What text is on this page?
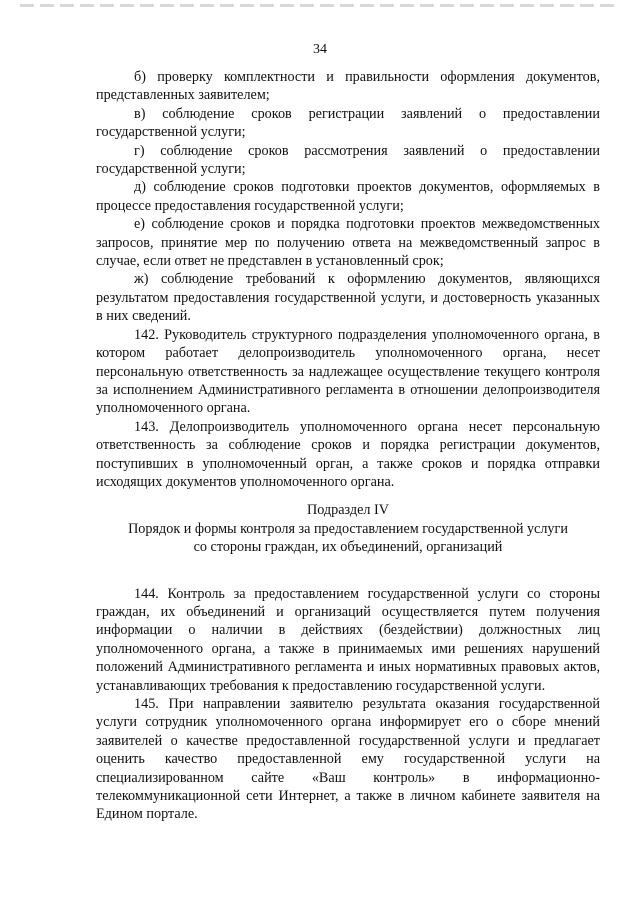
34

б) проверку комплектности и правильности оформления документов, представленных заявителем;

в) соблюдение сроков регистрации заявлений о предоставлении государственной услуги;

г) соблюдение сроков рассмотрения заявлений о предоставлении государственной услуги;

д) соблюдение сроков подготовки проектов документов, оформляемых в процессе предоставления государственной услуги;

е) соблюдение сроков и порядка подготовки проектов межведомственных запросов, принятие мер по получению ответа на межведомственный запрос в случае, если ответ не представлен в установленный срок;

ж) соблюдение требований к оформлению документов, являющихся результатом предоставления государственной услуги, и достоверность указанных в них сведений.

142. Руководитель структурного подразделения уполномоченного органа, в котором работает делопроизводитель уполномоченного органа, несет персональную ответственность за надлежащее осуществление текущего контроля за исполнением Административного регламента в отношении делопроизводителя уполномоченного органа.

143. Делопроизводитель уполномоченного органа несет персональную ответственность за соблюдение сроков и порядка регистрации документов, поступивших в уполномоченный орган, а также сроков и порядка отправки исходящих документов уполномоченного органа.

Подраздел IV

Порядок и формы контроля за предоставлением государственной услуги

со стороны граждан, их объединений, организаций

144. Контроль за предоставлением государственной услуги со стороны граждан, их объединений и организаций осуществляется путем получения информации о наличии в действиях (бездействии) должностных лиц уполномоченного органа, а также в принимаемых ими решениях нарушений положений Административного регламента и иных нормативных правовых актов, устанавливающих требования к предоставлению государственной услуги.

145. При направлении заявителю результата оказания государственной услуги сотрудник уполномоченного органа информирует его о сборе мнений заявителей о качестве предоставленной государственной услуги и предлагает оценить качество предоставленной ему государственной услуги на специализированном сайте «Ваш контроль» в информационно-телекоммуникационной сети Интернет, а также в личном кабинете заявителя на Едином портале.
